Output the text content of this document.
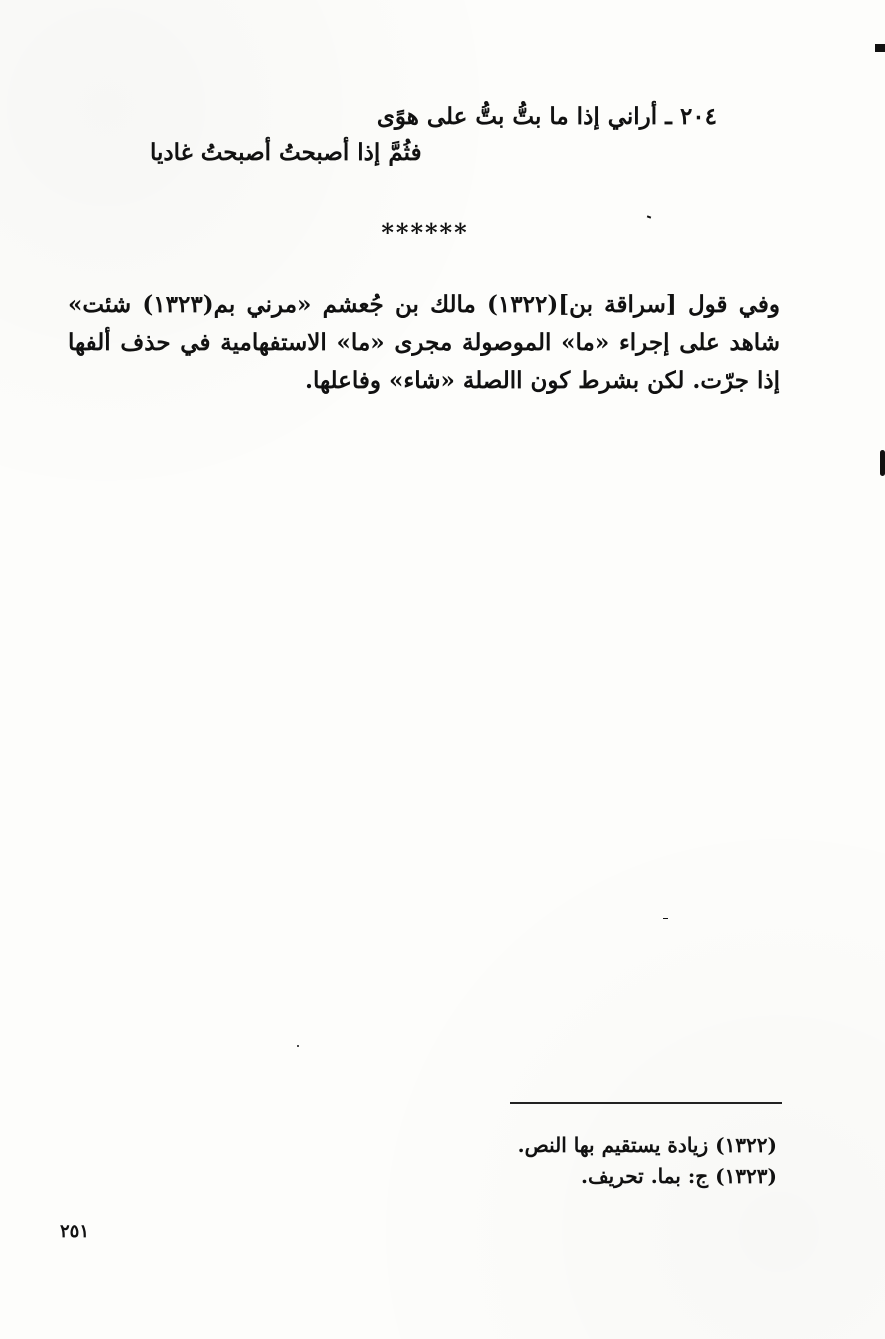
٢٠٤ ـ أراني إذا ما بتُّ بتُّ على هوًى
فثُمَّ إذا أصبحتُ أصبحتُ غاديا
******
وفي قول [سراقة بن](١٣٢٢) مالك بن جُعشم «مرني بم(١٣٢٣) شئت» شاهد على إجراء «ما» الموصولة مجرى «ما» الاستفهامية في حذف ألفها إذا جرّت. لكن بشرط كون االصلة «شاء» وفاعلها.
(١٣٢٢) زيادة يستقيم بها النص.
(١٣٢٣) ج: بما. تحريف.
٢٥١
